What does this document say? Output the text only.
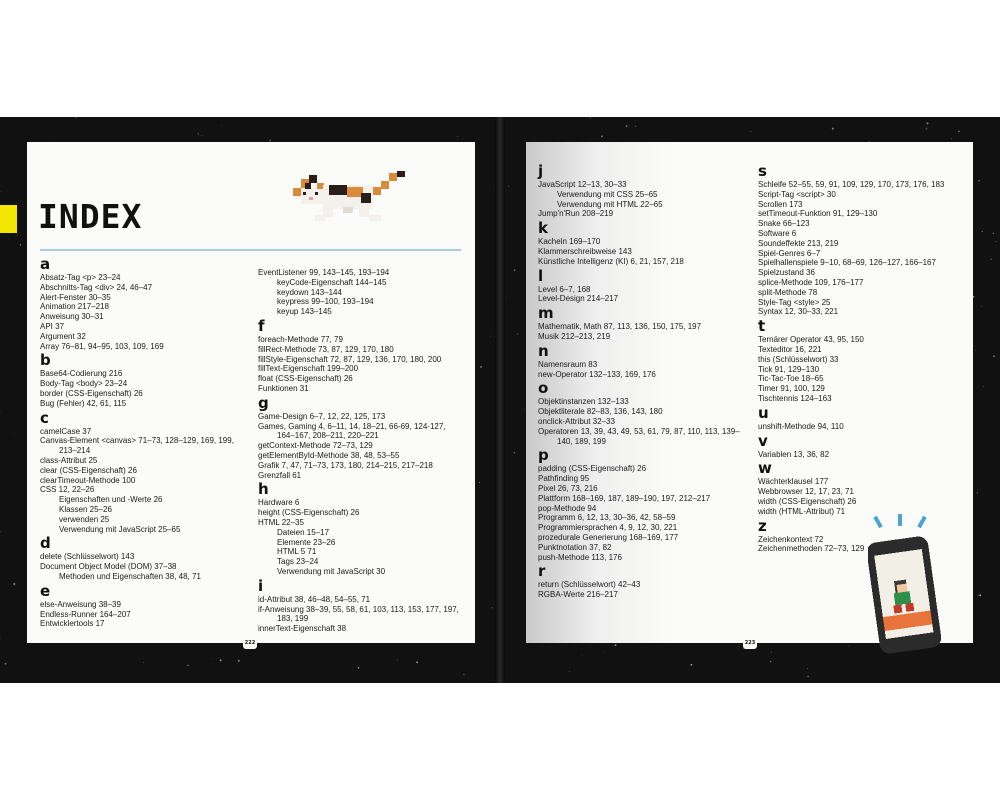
INDEX
a
Absatz-Tag <p> 23–24
Abschnitts-Tag <div> 24, 46–47
Alert-Fenster 30–35
Animation 217–218
Anweisung 30–31
API 37
Argument 32
Array 76–81, 94–95, 103, 109, 169
b
Base64-Codierung 216
Body-Tag <body> 23–24
border (CSS-Eigenschaft) 26
Bug (Fehler) 42, 61, 115
c
camelCase 37
Canvas-Element <canvas> 71–73, 128–129, 169, 199,
213–214
class-Attribut 25
clear (CSS-Eigenschaft) 26
clearTimeout-Methode 100
CSS 12, 22–26
Eigenschaften und -Werte 26
Klassen 25–26
verwenden 25
Verwendung mit JavaScript 25–65
d
delete (Schlüsselwort) 143
Document Object Model (DOM) 37–38
Methoden und Eigenschaften 38, 48, 71
e
else-Anweisung 38–39
Endless-Runner 164–207
Entwicklertools 17
EventListener 99, 143–145, 193–194
keyCode-Eigenschaft 144–145
keydown 143–144
keypress 99–100, 193–194
keyup 143–145
f
foreach-Methode 77, 79
fillRect-Methode 73, 87, 129, 170, 180
fillStyle-Eigenschaft 72, 87, 129, 136, 170, 180, 200
fillText-Eigenschaft 199–200
float (CSS-Eigenschaft) 26
Funktionen 31
g
Game-Design 6–7, 12, 22, 125, 173
Games, Gaming 4, 6–11, 14, 18–21, 66-69, 124-127,
164–167, 208–211, 220–221
getContext-Methode 72–73, 129
getElementById-Methode 38, 48, 53–55
Grafik 7, 47, 71–73, 173, 180, 214–215, 217–218
Grenzfall 61
h
Hardware 6
height (CSS-Eigenschaft) 26
HTML 22–35
Dateien 15–17
Elemente 23–26
HTML 5 71
Tags 23–24
Verwendung mit JavaScript 30
i
id-Attribut 38, 46–48, 54–55, 71
if-Anweisung 38–39, 55, 58, 61, 103, 113, 153, 177, 197,
183, 199
innerText-Eigenschaft 38
j
JavaScript 12–13, 30–33
Verwendung mit CSS 25–65
Verwendung mit HTML 22–65
Jump'n'Run 208–219
k
Kacheln 169–170
Klammerschreibweise 143
Künstliche Intelligenz (KI) 6, 21, 157, 218
l
Level 6–7, 168
Level-Design 214–217
m
Mathematik, Math 87, 113, 136, 150, 175, 197
Musik 212–213, 219
n
Namensraum 83
new-Operator 132–133, 169, 176
o
Objektinstanzen 132–133
Objektliterale 82–83, 136, 143, 180
onclick-Attribut 32–33
Operatoren 13, 39, 43, 49, 53, 61, 79, 87, 110, 113, 139–
140, 189, 199
p
padding (CSS-Eigenschaft) 26
Pathfinding 95
Pixel 26, 73, 216
Plattform 168–169, 187, 189–190, 197, 212–217
pop-Methode 94
Programm 6, 12, 13, 30–36, 42, 58–59
Programmiersprachen 4, 9, 12, 30, 221
prozedurale Generierung 168–169, 177
Punktnotation 37, 82
push-Methode 113, 176
r
return (Schlüsselwort) 42–43
RGBA-Werte 216–217
s
Schleife 52–55, 59, 91, 109, 129, 170, 173, 176, 183
Script-Tag <script> 30
Scrollen 173
setTimeout-Funktion 91, 129–130
Snake 66–123
Software 6
Soundeffekte 213, 219
Spiel-Genres 6–7
Spielhallenspiele 9–10, 68–69, 126–127, 166–167
Spielzustand 36
splice-Methode 109, 176–177
split-Methode 78
Style-Tag <style> 25
Syntax 12, 30–33, 221
t
Ternärer Operator 43, 95, 150
Texteditor 16, 221
this (Schlüsselwort) 33
Tick 91, 129–130
Tic-Tac-Toe 18–65
Timer 91, 100, 129
Tischtennis 124–163
u
unshift-Methode 94, 110
v
Variablen 13, 36, 82
w
Wächterklausel 177
Webbrowser 12, 17, 23, 71
width (CSS-Eigenschaft) 26
width (HTML-Attribut) 71
z
Zeichenkontext 72
Zeichenmethoden 72–73, 129
222	223
